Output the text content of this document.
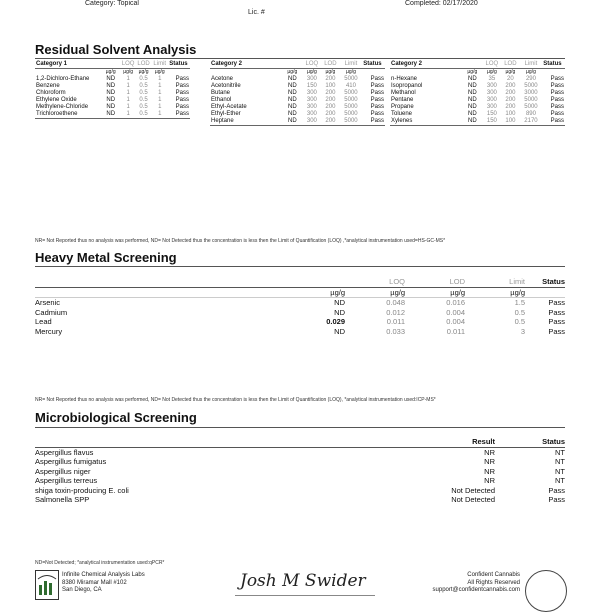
Category: Topical
Lic. #
Completed: 02/17/2020
Residual Solvent Analysis
Category 1		LOQ	LOD	Limit	Status
	µg/g	µg/g	µg/g	µg/g	
1,2-Dichloro-Ethane	ND	1	0.5	1	Pass
Benzene	ND	1	0.5	1	Pass
Chloroform	ND	1	0.5	1	Pass
Ethylene Oxide	ND	1	0.5	1	Pass
Methylene-Chloride	ND	1	0.5	1	Pass
Trichloroethene	ND	1	0.5	1	Pass
Category 2		LOQ	LOD	Limit	Status
	µg/g	µg/g	µg/g	µg/g	
Acetone	ND	300	200	5000	Pass
Acetonitrile	ND	150	100	410	Pass
Butane	ND	300	200	5000	Pass
Ethanol	ND	300	200	5000	Pass
Ethyl-Acetate	ND	300	200	5000	Pass
Ethyl-Ether	ND	300	200	5000	Pass
Heptane	ND	300	200	5000	Pass
Category 2		LOQ	LOD	Limit	Status
	µg/g	µg/g	µg/g	µg/g	
n-Hexane	ND	35	20	290	Pass
Isopropanol	ND	300	200	5000	Pass
Methanol	ND	300	200	3000	Pass
Pentane	ND	300	200	5000	Pass
Propane	ND	300	200	5000	Pass
Toluene	ND	150	100	890	Pass
Xylenes	ND	150	100	2170	Pass
NR= Not Reported thus no analysis was performed, ND= Not Detected thus the concentration is less then the Limit of Quantification (LOQ) ,*analytical instrumentation used=HS-GC-MS*
Heavy Metal Screening
		LOQ	LOD	Limit	Status
	µg/g	µg/g	µg/g	µg/g	
Arsenic	ND	0.048	0.016	1.5	Pass
Cadmium	ND	0.012	0.004	0.5	Pass
Lead	0.029	0.011	0.004	0.5	Pass
Mercury	ND	0.033	0.011	3	Pass
NR= Not Reported thus no analysis was performed, ND= Not Detected thus the concentration is less then the Limit of Quantification (LOQ), *analytical instrumentation used:ICP-MS*
Microbiological Screening
	Result	Status
Aspergillus flavus	NR	NT
Aspergillus fumigatus	NR	NT
Aspergillus niger	NR	NT
Aspergillus terreus	NR	NT
shiga toxin-producing E. coli	Not Detected	Pass
Salmonella SPP	Not Detected	Pass
ND=Not Detected; *analytical instrumentation used:qPCR*
Infinite Chemical Analysis Labs
8380 Miramar Mall #102
San Diego, CA	Josh M Swider	Confident Cannabis
All Rights Reserved
support@confidentcannabis.com
